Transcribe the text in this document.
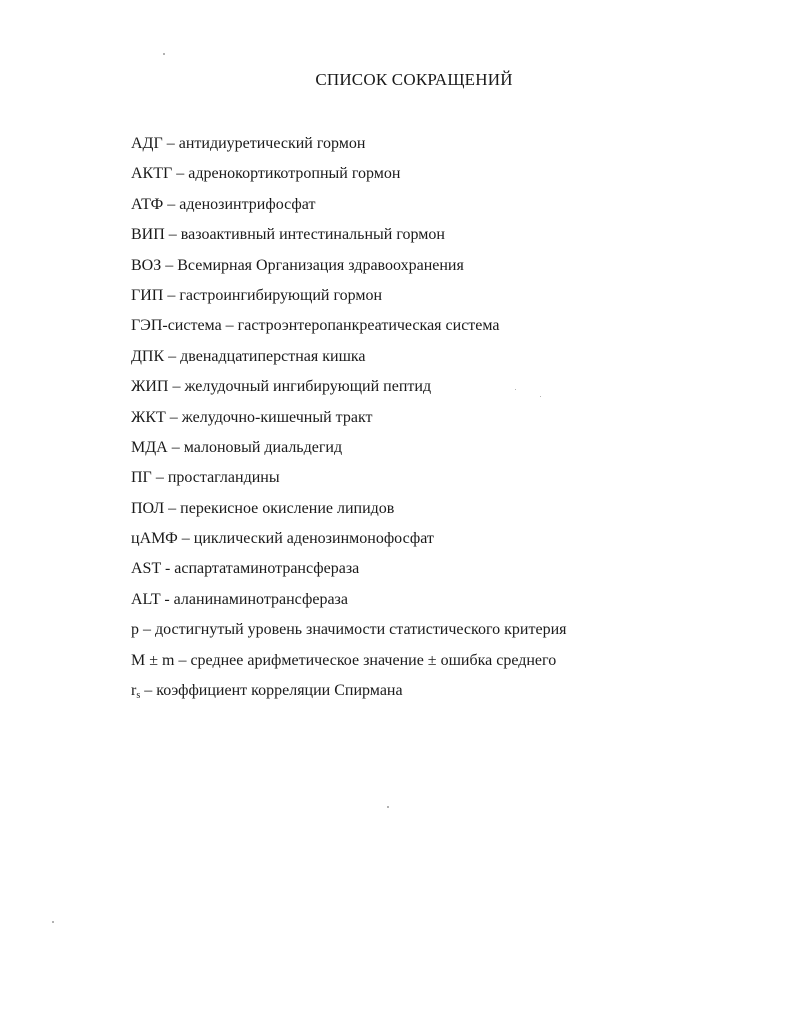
СПИСОК СОКРАЩЕНИЙ
АДГ – антидиуретический гормон
АКТГ – адренокортикотропный гормон
АТФ – аденозинтрифосфат
ВИП – вазоактивный интестинальный гормон
ВОЗ – Всемирная Организация здравоохранения
ГИП – гастроингибирующий гормон
ГЭП-система – гастроэнтеропанкреатическая система
ДПК – двенадцатиперстная кишка
ЖИП – желудочный ингибирующий пептид
ЖКТ – желудочно-кишечный тракт
МДА – малоновый диальдегид
ПГ – простагландины
ПОЛ – перекисное окисление липидов
цАМФ – циклический аденозинмонофосфат
AST - аспартатаминотрансфераза
ALT - аланинаминотрансфераза
p – достигнутый уровень значимости статистического критерия
M ± m – среднее арифметическое значение ± ошибка среднего
$r_s$ – коэффициент корреляции Спирмана
